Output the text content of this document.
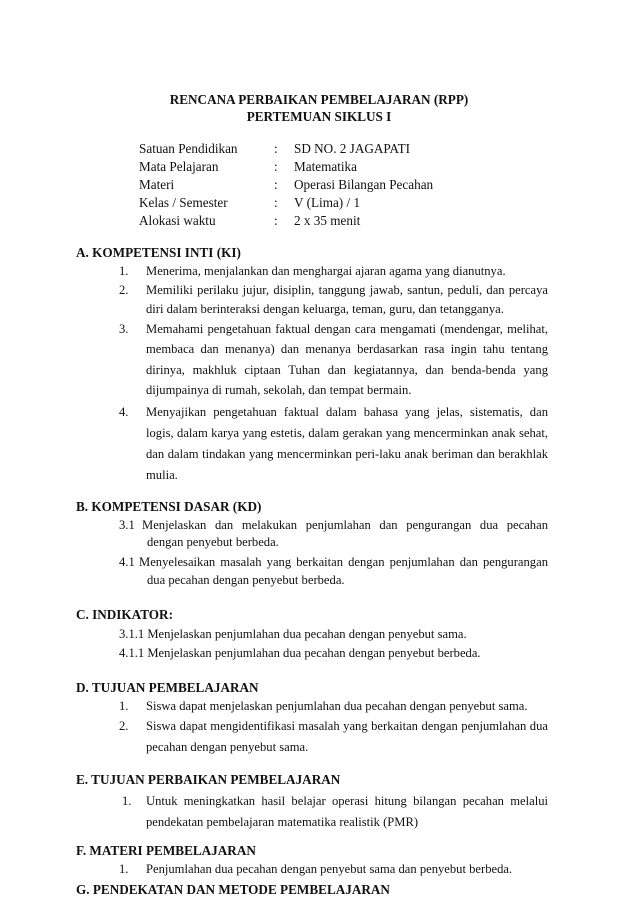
RENCANA PERBAIKAN PEMBELAJARAN (RPP)
PERTEMUAN SIKLUS I
Satuan Pendidikan	: SD NO. 2 JAGAPATI
Mata Pelajaran	: Matematika
Materi	: Operasi Bilangan Pecahan
Kelas / Semester	: V (Lima) / 1
Alokasi waktu	: 2 x 35 menit
A. KOMPETENSI INTI (KI)
1. Menerima, menjalankan dan menghargai ajaran agama yang dianutnya.
2. Memiliki perilaku jujur, disiplin, tanggung jawab, santun, peduli, dan percaya
diri dalam berinteraksi dengan keluarga, teman, guru, dan tetangganya.
3. Memahami pengetahuan faktual dengan cara mengamati (mendengar, melihat,
membaca dan menanya) dan menanya berdasarkan rasa ingin tahu tentang
dirinya, makhluk ciptaan Tuhan dan kegiatannya, dan benda-benda yang
dijumpainya di rumah, sekolah, dan tempat bermain.
4. Menyajikan pengetahuan faktual dalam bahasa yang jelas, sistematis, dan
logis, dalam karya yang estetis, dalam gerakan yang mencerminkan anak sehat,
dan dalam tindakan yang mencerminkan peri-laku anak beriman dan berakhlak
mulia.
B. KOMPETENSI DASAR (KD)
3.1 Menjelaskan dan melakukan penjumlahan dan pengurangan dua pecahan
dengan penyebut berbeda.
4.1 Menyelesaikan masalah yang berkaitan dengan penjumlahan dan pengurangan
dua pecahan dengan penyebut berbeda.
C. INDIKATOR:
3.1.1 Menjelaskan penjumlahan dua pecahan dengan penyebut sama.
4.1.1 Menjelaskan penjumlahan dua pecahan dengan penyebut berbeda.
D. TUJUAN PEMBELAJARAN
1. Siswa dapat menjelaskan penjumlahan dua pecahan dengan penyebut sama.
2. Siswa dapat mengidentifikasi masalah yang berkaitan dengan penjumlahan dua
pecahan dengan penyebut sama.
E. TUJUAN PERBAIKAN PEMBELAJARAN
1. Untuk meningkatkan hasil belajar operasi hitung bilangan pecahan melalui
pendekatan pembelajaran matematika realistik (PMR)
F. MATERI PEMBELAJARAN
1. Penjumlahan dua pecahan dengan penyebut sama dan penyebut berbeda.
G. PENDEKATAN DAN METODE PEMBELAJARAN
